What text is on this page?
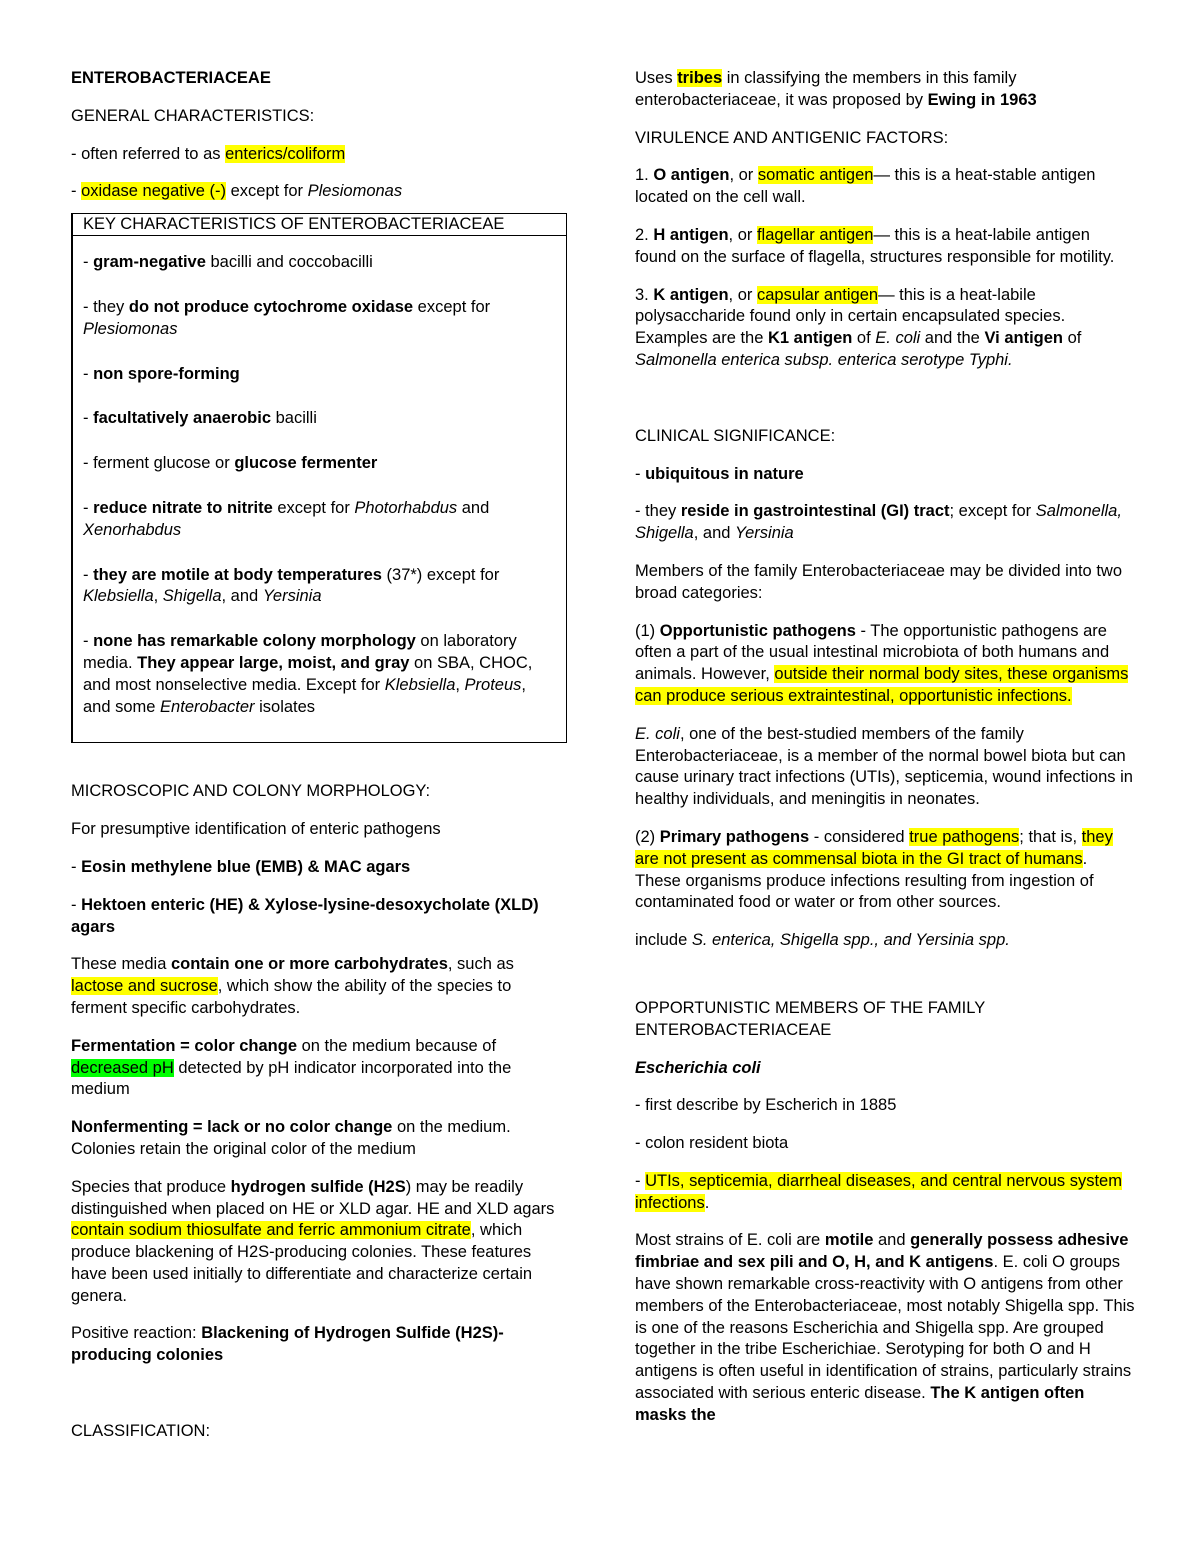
ENTEROBACTERIACEAE

GENERAL CHARACTERISTICS:

- often referred to as enterics/coliform

- oxidase negative (-) except for Plesiomonas

KEY CHARACTERISTICS OF ENTEROBACTERIACEAE

- gram-negative bacilli and coccobacilli

- they do not produce cytochrome oxidase except for Plesiomonas

- non spore-forming

- facultatively anaerobic bacilli

- ferment glucose or glucose fermenter

- reduce nitrate to nitrite except for Photorhabdus and Xenorhabdus

- they are motile at body temperatures (37*) except for Klebsiella, Shigella, and Yersinia

- none has remarkable colony morphology on laboratory media. They appear large, moist, and gray on SBA, CHOC, and most nonselective media. Except for Klebsiella, Proteus, and some Enterobacter isolates

MICROSCOPIC AND COLONY MORPHOLOGY:

For presumptive identification of enteric pathogens

- Eosin methylene blue (EMB) & MAC agars

- Hektoen enteric (HE) & Xylose-lysine-desoxycholate (XLD) agars

These media contain one or more carbohydrates, such as lactose and sucrose, which show the ability of the species to ferment specific carbohydrates.

Fermentation = color change on the medium because of decreased pH detected by pH indicator incorporated into the medium

Nonfermenting = lack or no color change on the medium. Colonies retain the original color of the medium

Species that produce hydrogen sulfide (H2S) may be readily distinguished when placed on HE or XLD agar. HE and XLD agars contain sodium thiosulfate and ferric ammonium citrate, which produce blackening of H2S-producing colonies. These features have been used initially to differentiate and characterize certain genera.

Positive reaction: Blackening of Hydrogen Sulfide (H2S)-producing colonies

CLASSIFICATION:

Uses tribes in classifying the members in this family enterobacteriaceae, it was proposed by Ewing in 1963

VIRULENCE AND ANTIGENIC FACTORS:

1. O antigen, or somatic antigen— this is a heat-stable antigen located on the cell wall.

2. H antigen, or flagellar antigen— this is a heat-labile antigen found on the surface of flagella, structures responsible for motility.

3. K antigen, or capsular antigen— this is a heat-labile polysaccharide found only in certain encapsulated species. Examples are the K1 antigen of E. coli and the Vi antigen of Salmonella enterica subsp. enterica serotype Typhi.

CLINICAL SIGNIFICANCE:

- ubiquitous in nature

- they reside in gastrointestinal (GI) tract; except for Salmonella, Shigella, and Yersinia

Members of the family Enterobacteriaceae may be divided into two broad categories:

(1) Opportunistic pathogens - The opportunistic pathogens are often a part of the usual intestinal microbiota of both humans and animals. However, outside their normal body sites, these organisms can produce serious extraintestinal, opportunistic infections.

E. coli, one of the best-studied members of the family Enterobacteriaceae, is a member of the normal bowel biota but can cause urinary tract infections (UTIs), septicemia, wound infections in healthy individuals, and meningitis in neonates.

(2) Primary pathogens - considered true pathogens; that is, they are not present as commensal biota in the GI tract of humans. These organisms produce infections resulting from ingestion of contaminated food or water or from other sources.

include S. enterica, Shigella spp., and Yersinia spp.

OPPORTUNISTIC MEMBERS OF THE FAMILY ENTEROBACTERIACEAE

Escherichia coli

- first describe by Escherich in 1885

- colon resident biota

- UTIs, septicemia, diarrheal diseases, and central nervous system infections.

Most strains of E. coli are motile and generally possess adhesive fimbriae and sex pili and O, H, and K antigens. E. coli O groups have shown remarkable cross-reactivity with O antigens from other members of the Enterobacteriaceae, most notably Shigella spp. This is one of the reasons Escherichia and Shigella spp. Are grouped together in the tribe Escherichiae. Serotyping for both O and H antigens is often useful in identification of strains, particularly strains associated with serious enteric disease. The K antigen often masks the
